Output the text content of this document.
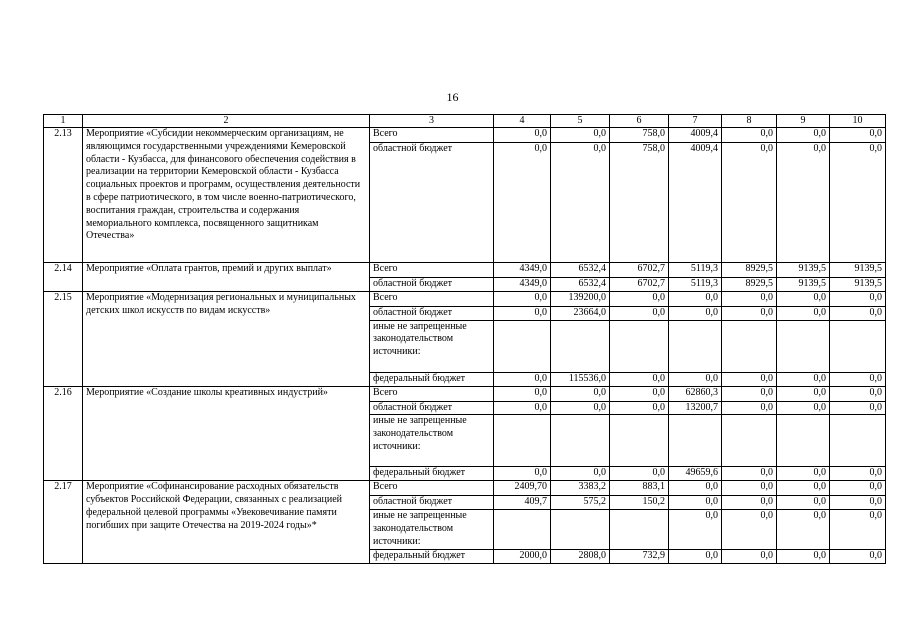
16
1	2	3	4	5	6	7	8	9	10
2.13	Мероприятие «Субсидии некоммерческим организациям, не являющимся государственными учреждениями Кемеровской области - Кузбасса, для финансового обеспечения содействия в реализации на территории Кемеровской области - Кузбасса социальных проектов и программ, осуществления деятельности в сфере патриотического, в том числе военно-патриотического, воспитания граждан, строительства и содержания мемориального комплекса, посвященного защитникам Отечества»	Всего	0,0	0,0	758,0	4009,4	0,0	0,0	0,0
		областной бюджет	0,0	0,0	758,0	4009,4	0,0	0,0	0,0
2.14	Мероприятие «Оплата грантов, премий и других выплат»	Всего	4349,0	6532,4	6702,7	5119,3	8929,5	9139,5	9139,5
		областной бюджет	4349,0	6532,4	6702,7	5119,3	8929,5	9139,5	9139,5
2.15	Мероприятие «Модернизация региональных и муниципальных детских школ искусств по видам искусств»	Всего	0,0	139200,0	0,0	0,0	0,0	0,0	0,0
		областной бюджет	0,0	23664,0	0,0	0,0	0,0	0,0	0,0
		иные не запрещенные законодательством источники:							
		федеральный бюджет	0,0	115536,0	0,0	0,0	0,0	0,0	0,0
2.16	Мероприятие «Создание школы креативных индустрий»	Всего	0,0	0,0	0,0	62860,3	0,0	0,0	0,0
		областной бюджет	0,0	0,0	0,0	13200,7	0,0	0,0	0,0
		иные не запрещенные законодательством источники:							
		федеральный бюджет	0,0	0,0	0,0	49659,6	0,0	0,0	0,0
2.17	Мероприятие «Софинансирование расходных обязательств субъектов Российской Федерации, связанных с реализацией федеральной целевой программы «Увековечивание памяти погибших при защите Отечества на 2019-2024 годы»*	Всего	2409,70	3383,2	883,1	0,0	0,0	0,0	0,0
		областной бюджет	409,7	575,2	150,2	0,0	0,0	0,0	0,0
		иные не запрещенные законодательством источники:				0,0	0,0	0,0	0,0
		федеральный бюджет	2000,0	2808,0	732,9	0,0	0,0	0,0	0,0
